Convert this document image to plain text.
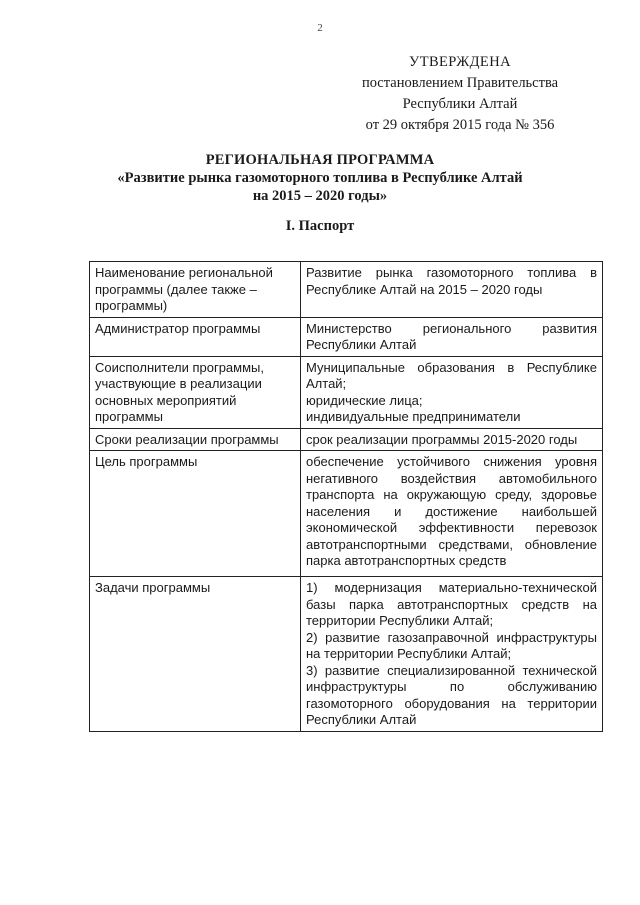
2
УТВЕРЖДЕНА
постановлением Правительства
Республики Алтай
от 29 октября 2015 года № 356
РЕГИОНАЛЬНАЯ ПРОГРАММА
«Развитие рынка газомоторного топлива в Республике Алтай
на 2015 – 2020 годы»
I. Паспорт
Наименование региональной программы (далее также – программы)	Развитие рынка газомоторного топлива в Республике Алтай на 2015 – 2020 годы
Администратор программы	Министерство регионального развития Республики Алтай
Соисполнители программы, участвующие в реализации основных мероприятий программы	Муниципальные образования в Республике Алтай;
юридические лица;
индивидуальные предприниматели

Сроки реализации программы	срок реализации программы 2015-2020 годы
Цель программы	обеспечение устойчивого снижения уровня негативного воздействия автомобильного транспорта на окружающую среду, здоровье населения и достижение наибольшей экономической эффективности перевозок автотранспортными средствами, обновление парка автотранспортных средств
Задачи программы	1) модернизация материально-технической базы парка автотранспортных средств на территории Республики Алтай;
2) развитие газозаправочной инфраструктуры на территории Республики Алтай;
3) развитие специализированной технической инфраструктуры по обслуживанию газомоторного оборудования на территории Республики Алтай
